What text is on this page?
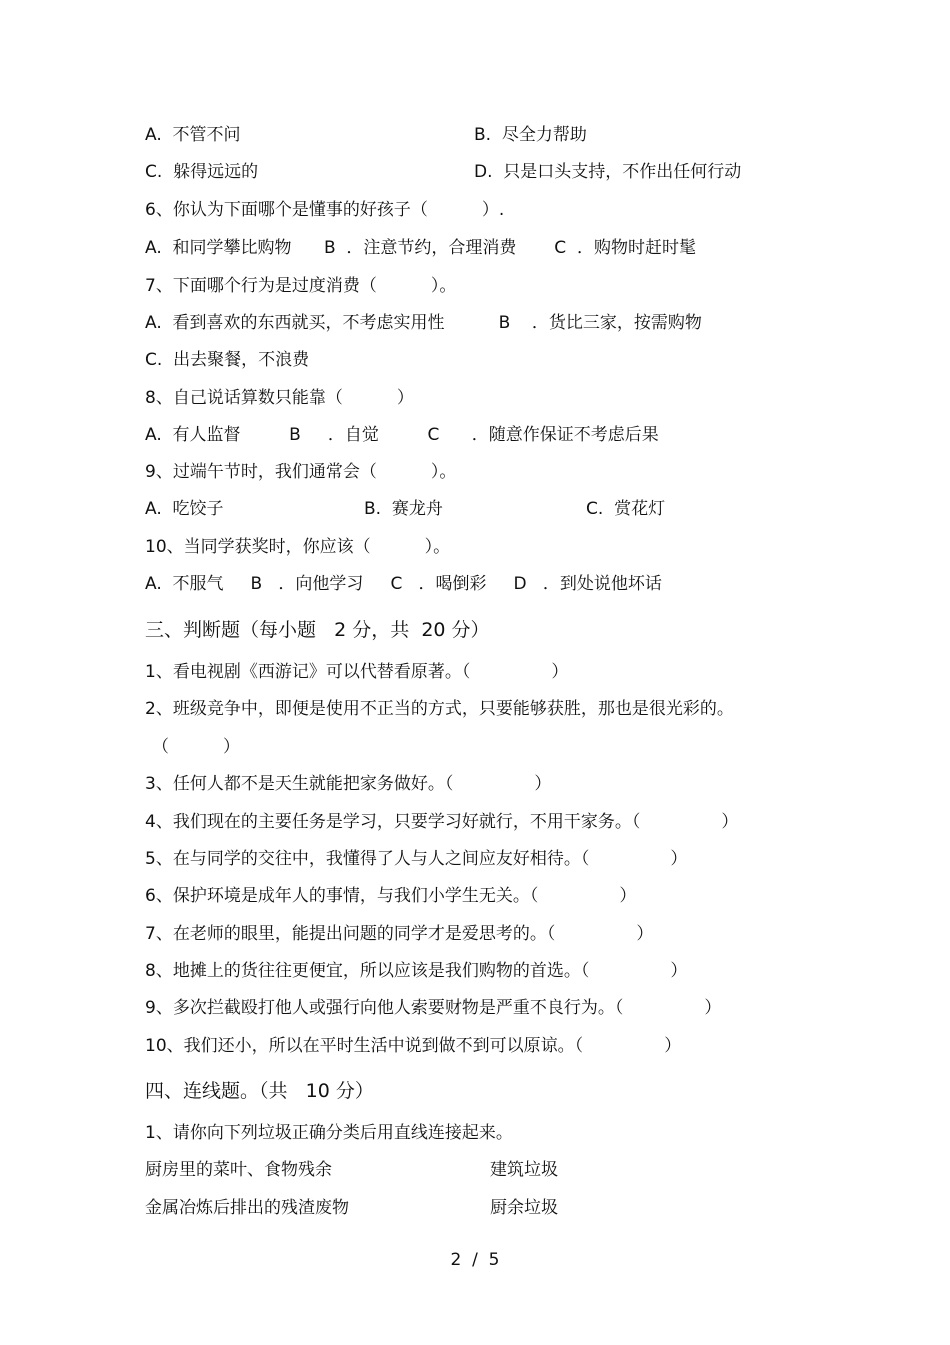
A.  不管不问	B.  尽全力帮助
C.  躲得远远的	D.  只是口头支持，不作出任何行动
6、你认为下面哪个是懂事的好孩子（          ）.
A.  和同学攀比购物      B  ．注意节约，合理消费       C  ．购物时赶时髦
7、下面哪个行为是过度消费（          ）。
A.  看到喜欢的东西就买，不考虑实用性          B    ．货比三家，按需购物
C.  出去聚餐，不浪费
8、自己说话算数只能靠（          ）
A.  有人监督         B     ．自觉         C      ．随意作保证不考虑后果
9、过端午节时，我们通常会（          ）。
A.  吃饺子	B.  赛龙舟	C.  赏花灯
10、当同学获奖时，你应该（          ）。
A.  不服气     B   ．向他学习     C   ．喝倒彩     D   ．到处说他坏话
三、判断题（每小题   2 分，共  20 分）
1、看电视剧《西游记》可以代替看原著。（               ）
2、班级竞争中，即便是使用不正当的方式，只要能够获胜，那也是很光彩的。
（          ）
3、任何人都不是天生就能把家务做好。（               ）
4、我们现在的主要任务是学习，只要学习好就行，不用干家务。（               ）
5、在与同学的交往中，我懂得了人与人之间应友好相待。（               ）
6、保护环境是成年人的事情，与我们小学生无关。（               ）
7、在老师的眼里，能提出问题的同学才是爱思考的。（               ）
8、地摊上的货往往更便宜，所以应该是我们购物的首选。（               ）
9、多次拦截殴打他人或强行向他人索要财物是严重不良行为。（               ）
10、我们还小，所以在平时生活中说到做不到可以原谅。（               ）
四、连线题。（共   10 分）
1、请你向下列垃圾正确分类后用直线连接起来。
厨房里的菜叶、食物残余	建筑垃圾
金属冶炼后排出的残渣废物	厨余垃圾
2  /  5
